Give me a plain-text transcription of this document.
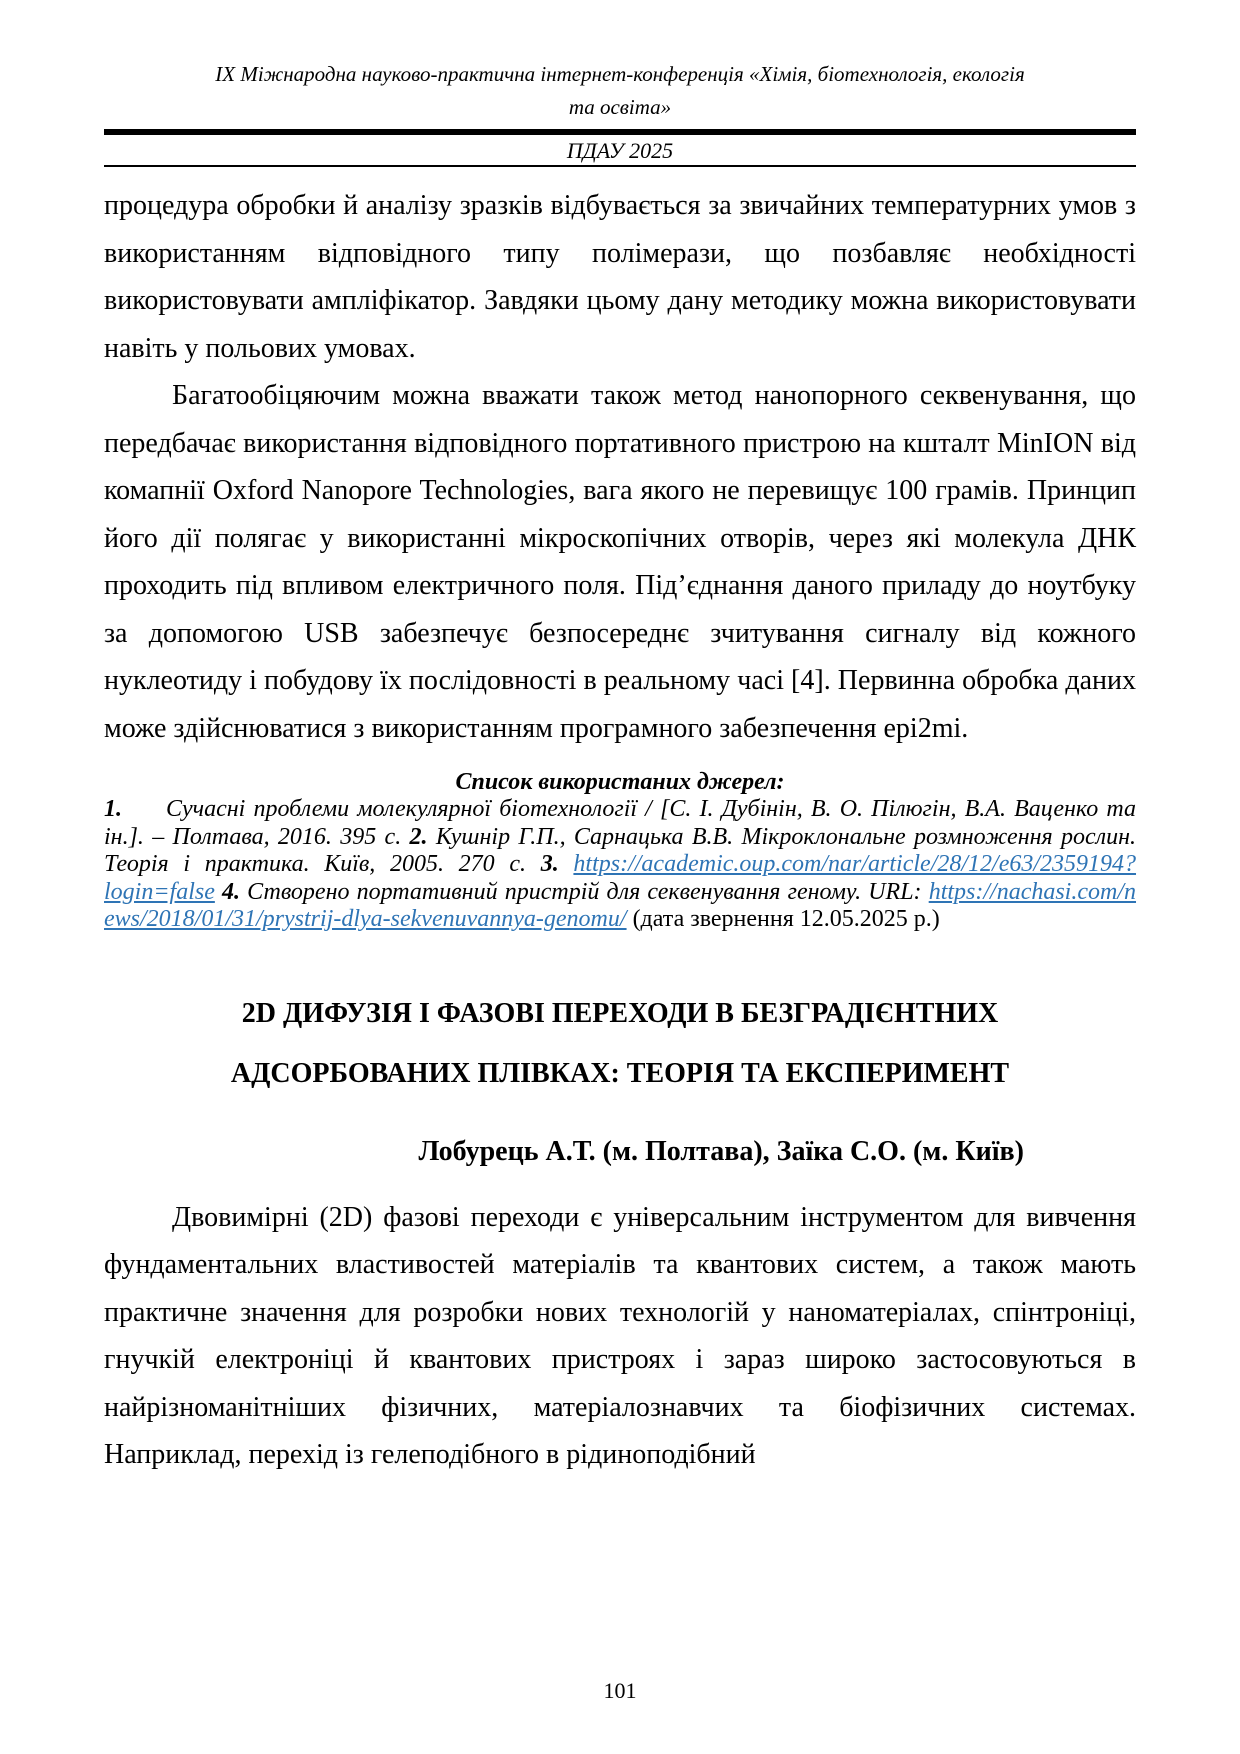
IX Міжнародна науково-практична інтернет-конференція «Хімія, біотехнологія, екологія
та освіта»
ПДАУ 2025

процедура обробки й аналізу зразків відбувається за звичайних температурних умов з використанням відповідного типу полімерази, що позбавляє необхідності використовувати ампліфікатор. Завдяки цьому дану методику можна використовувати навіть у польових умовах.

Багатообіцяючим можна вважати також метод нанопорного секвенування, що передбачає використання відповідного портативного пристрою на кшталт MinION від комапнії Oxford Nanopore Technologies, вага якого не перевищує 100 грамів. Принцип його дії полягає у використанні мікроскопічних отворів, через які молекула ДНК проходить під впливом електричного поля. Під’єднання даного приладу до ноутбуку за допомогою USB забезпечує безпосереднє зчитування сигналу від кожного нуклеотиду і побудову їх послідовності в реальному часі [4]. Первинна обробка даних може здійснюватися з використанням програмного забезпечення epi2mi.

Список використаних джерел:

1. Сучасні проблеми молекулярної біотехнології / [С. І. Дубінін, В. О. Пілюгін, В.А. Ваценко та ін.]. – Полтава, 2016. 395 с. 2. Кушнір Г.П., Сарнацька В.В. Мікроклональне розмноження рослин. Теорія і практика. Київ, 2005. 270 с. 3. https://academic.oup.com/nar/article/28/12/e63/2359194?login=false 4. Створено портативний пристрій для секвенування геному. URL: https://nachasi.com/news/2018/01/31/prystrij-dlya-sekvenuvannya-genomu/ (дата звернення 12.05.2025 р.)

2D ДИФУЗІЯ І ФАЗОВІ ПЕРЕХОДИ В БЕЗГРАДІЄНТНИХ
АДСОРБОВАНИХ ПЛІВКАХ: ТЕОРІЯ ТА ЕКСПЕРИМЕНТ
Лобурець А.Т. (м. Полтава), Заїка С.О. (м. Київ)

Двовимірні (2D) фазові переходи є універсальним інструментом для вивчення фундаментальних властивостей матеріалів та квантових систем, а також мають практичне значення для розробки нових технологій у наноматеріалах, спінтроніці, гнучкій електроніці й квантових пристроях і зараз широко застосовуються в найрізноманітніших фізичних, матеріалознавчих та біофізичних системах. Наприклад, перехід із гелеподібного в рідиноподібний

101
